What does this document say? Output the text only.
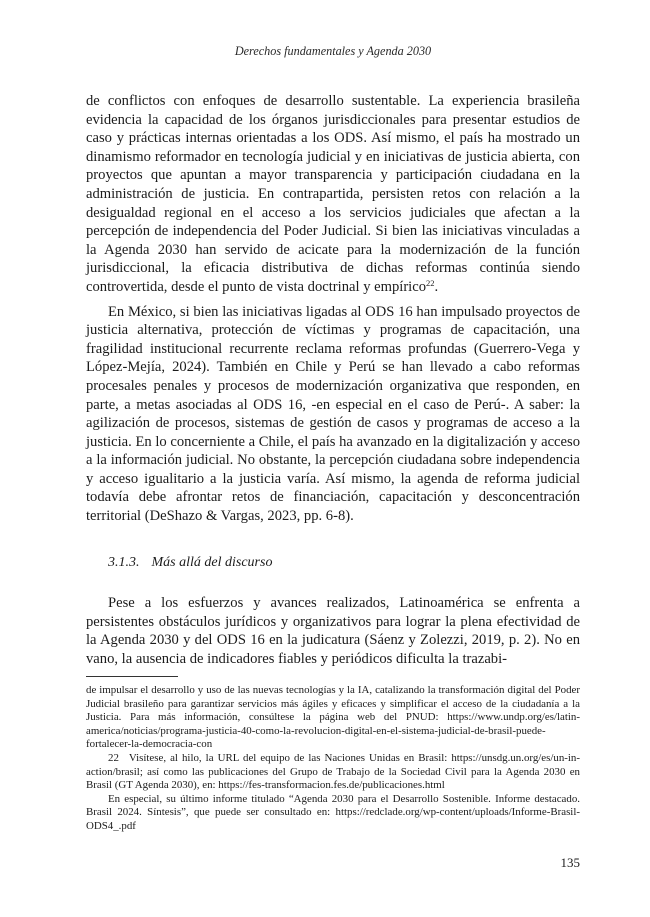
Derechos fundamentales y Agenda 2030

de conflictos con enfoques de desarrollo sustentable. La experiencia brasileña evidencia la capacidad de los órganos jurisdiccionales para presentar estudios de caso y prácticas internas orientadas a los ODS. Así mismo, el país ha mostrado un dinamismo reformador en tecnología judicial y en iniciativas de justicia abierta, con proyectos que apuntan a mayor transparencia y participación ciudadana en la administración de justicia. En contrapartida, persisten retos con relación a la desigualdad regional en el acceso a los servicios judiciales que afectan a la percepción de independencia del Poder Judicial. Si bien las iniciativas vinculadas a la Agenda 2030 han servido de acicate para la modernización de la función jurisdiccional, la eficacia distributiva de dichas reformas continúa siendo controvertida, desde el punto de vista doctrinal y empírico$^{22}$.

En México, si bien las iniciativas ligadas al ODS 16 han impulsado proyectos de justicia alternativa, protección de víctimas y programas de capacitación, una fragilidad institucional recurrente reclama reformas profundas (Guerrero-Vega y López-Mejía, 2024). También en Chile y Perú se han llevado a cabo reformas procesales penales y procesos de modernización organizativa que responden, en parte, a metas asociadas al ODS 16, -en especial en el caso de Perú-. A saber: la agilización de procesos, sistemas de gestión de casos y programas de acceso a la justicia. En lo concerniente a Chile, el país ha avanzado en la digitalización y acceso a la información judicial. No obstante, la percepción ciudadana sobre independencia y acceso igualitario a la justicia varía. Así mismo, la agenda de reforma judicial todavía debe afrontar retos de financiación, capacitación y desconcentración territorial (DeShazo & Vargas, 2023, pp. 6-8).

3.1.3. Más allá del discurso

Pese a los esfuerzos y avances realizados, Latinoamérica se enfrenta a persistentes obstáculos jurídicos y organizativos para lograr la plena efectividad de la Agenda 2030 y del ODS 16 en la judicatura (Sáenz y Zolezzi, 2019, p. 2). No en vano, la ausencia de indicadores fiables y periódicos dificulta la trazabi-

de impulsar el desarrollo y uso de las nuevas tecnologías y la IA, catalizando la transformación digital del Poder Judicial brasileño para garantizar servicios más ágiles y eficaces y simplificar el acceso de la ciudadanía a la Justicia. Para más información, consúltese la página web del PNUD: https://www.undp.org/es/latin-america/noticias/programa-justicia-40-como-la-revolucion-digital-en-el-sistema-judicial-de-brasil-puede-fortalecer-la-democracia-con

22 Visítese, al hilo, la URL del equipo de las Naciones Unidas en Brasil: https://unsdg.un.org/es/un-in-action/brasil; así como las publicaciones del Grupo de Trabajo de la Sociedad Civil para la Agenda 2030 en Brasil (GT Agenda 2030), en: https://fes-transformacion.fes.de/publicaciones.html

En especial, su último informe titulado “Agenda 2030 para el Desarrollo Sostenible. Informe destacado. Brasil 2024. Síntesis”, que puede ser consultado en: https://redclade.org/wp-content/uploads/Informe-Brasil-ODS4_.pdf

135
